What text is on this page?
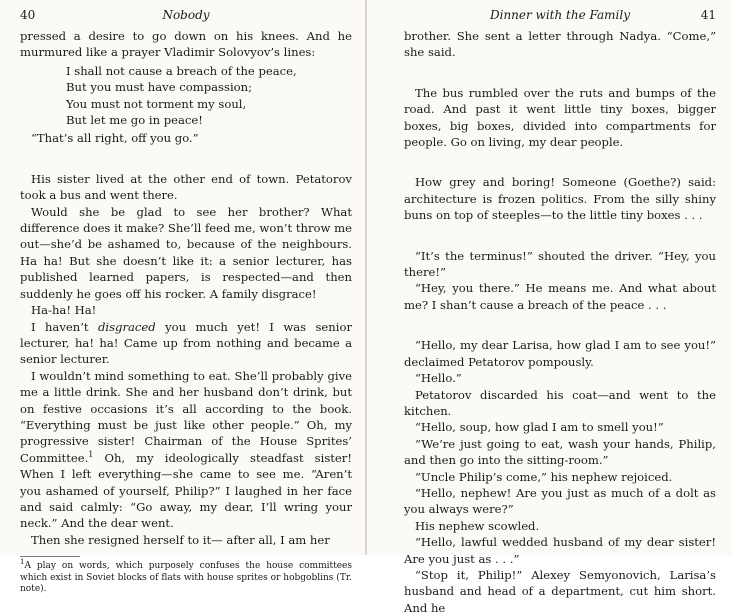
40	Nobody

pressed a desire to go down on his knees. And he murmured like a prayer Vladimir Solovyov’s lines:

I shall not cause a breach of the peace,
But you must have compassion;
You must not torment my soul,
But let me go in peace!

“That’s all right, off you go.”

His sister lived at the other end of town. Petatorov took a bus and went there.

Would she be glad to see her brother? What difference does it make? She’ll feed me, won’t throw me out—she’d be ashamed to, because of the neighbours. Ha ha! But she doesn’t like it: a senior lecturer, has published learned papers, is respected—and then suddenly he goes off his rocker. A family disgrace!

Ha-ha! Ha!

I haven’t disgraced you much yet! I was senior lecturer, ha! ha! Came up from nothing and became a senior lecturer.

I wouldn’t mind something to eat. She’ll probably give me a little drink. She and her husband don’t drink, but on festive occasions it’s all according to the book. “Everything must be just like other people.” Oh, my progressive sister! Chairman of the House Sprites’ Committee.$^1$ Oh, my ideologically steadfast sister! When I left everything—she came to see me. “Aren’t you ashamed of yourself, Philip?” I laughed in her face and said calmly: “Go away, my dear, I’ll wring your neck.” And the dear went.

Then she resigned herself to it— after all, I am her

$^1$A play on words, which purposely confuses the house committees which exist in Soviet blocks of flats with house sprites or hobgoblins (Tr. note).
Dinner with the Family	41

brother. She sent a letter through Nadya. “Come,” she said.

The bus rumbled over the ruts and bumps of the road. And past it went little tiny boxes, bigger boxes, big boxes, divided into compartments for people. Go on living, my dear people.

How grey and boring! Someone (Goethe?) said: architecture is frozen politics. From the silly shiny buns on top of steeples—to the little tiny boxes . . .

“It’s the terminus!” shouted the driver. “Hey, you there!”

“Hey, you there.” He means me. And what about me? I shan’t cause a breach of the peace . . .

“Hello, my dear Larisa, how glad I am to see you!” declaimed Petatorov pompously.

“Hello.”

Petatorov discarded his coat—and went to the kitchen.

“Hello, soup, how glad I am to smell you!”

“We’re just going to eat, wash your hands, Philip, and then go into the sitting-room.”

“Uncle Philip’s come,” his nephew rejoiced.

“Hello, nephew! Are you just as much of a dolt as you always were?”

His nephew scowled.

“Hello, lawful wedded husband of my dear sister! Are you just as . . .”

“Stop it, Philip!” Alexey Semyonovich, Larisa’s husband and head of a department, cut him short. And he
